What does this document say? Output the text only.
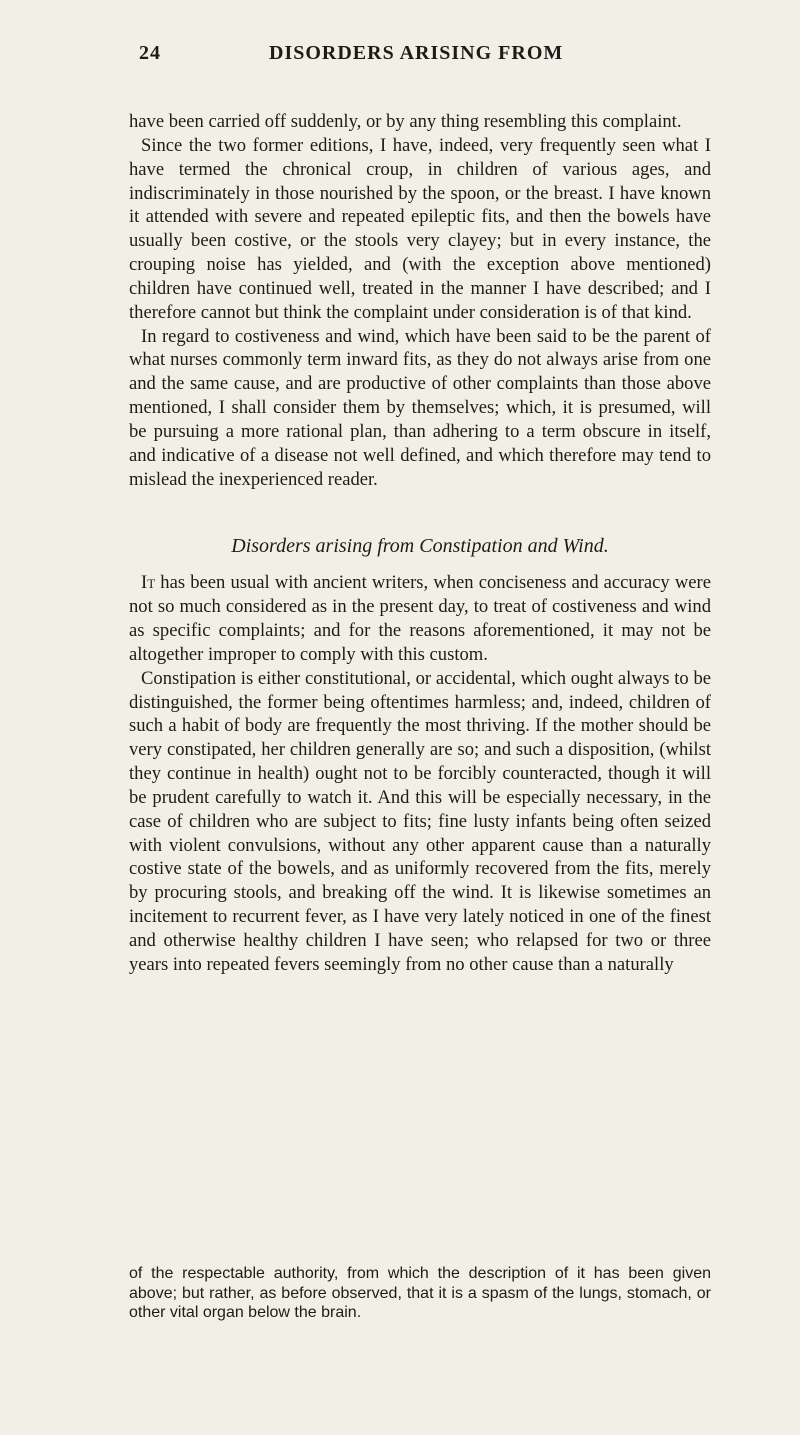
24	DISORDERS ARISING FROM

have been carried off suddenly, or by any thing resembling this complaint.

Since the two former editions, I have, indeed, very frequently seen what I have termed the chronical croup, in children of various ages, and indiscriminately in those nourished by the spoon, or the breast. I have known it attended with severe and repeated epileptic fits, and then the bowels have usually been costive, or the stools very clayey; but in every instance, the crouping noise has yielded, and (with the exception above mentioned) children have continued well, treated in the manner I have described; and I therefore cannot but think the complaint under consideration is of that kind.

In regard to costiveness and wind, which have been said to be the parent of what nurses commonly term inward fits, as they do not always arise from one and the same cause, and are productive of other complaints than those above mentioned, I shall consider them by themselves; which, it is presumed, will be pursuing a more rational plan, than adhering to a term obscure in itself, and indicative of a disease not well defined, and which therefore may tend to mislead the inexperienced reader.

Disorders arising from Constipation and Wind.

It has been usual with ancient writers, when conciseness and accuracy were not so much considered as in the present day, to treat of costiveness and wind as specific complaints; and for the reasons aforementioned, it may not be altogether improper to comply with this custom.

Constipation is either constitutional, or accidental, which ought always to be distinguished, the former being oftentimes harmless; and, indeed, children of such a habit of body are frequently the most thriving. If the mother should be very constipated, her children generally are so; and such a disposition, (whilst they continue in health) ought not to be forcibly counteracted, though it will be prudent carefully to watch it. And this will be especially necessary, in the case of children who are subject to fits; fine lusty infants being often seized with violent convulsions, without any other apparent cause than a naturally costive state of the bowels, and as uniformly recovered from the fits, merely by procuring stools, and breaking off the wind. It is likewise sometimes an incitement to recurrent fever, as I have very lately noticed in one of the finest and otherwise healthy children I have seen; who relapsed for two or three years into repeated fevers seemingly from no other cause than a naturally

of the respectable authority, from which the description of it has been given above; but rather, as before observed, that it is a spasm of the lungs, stomach, or other vital organ below the brain.
